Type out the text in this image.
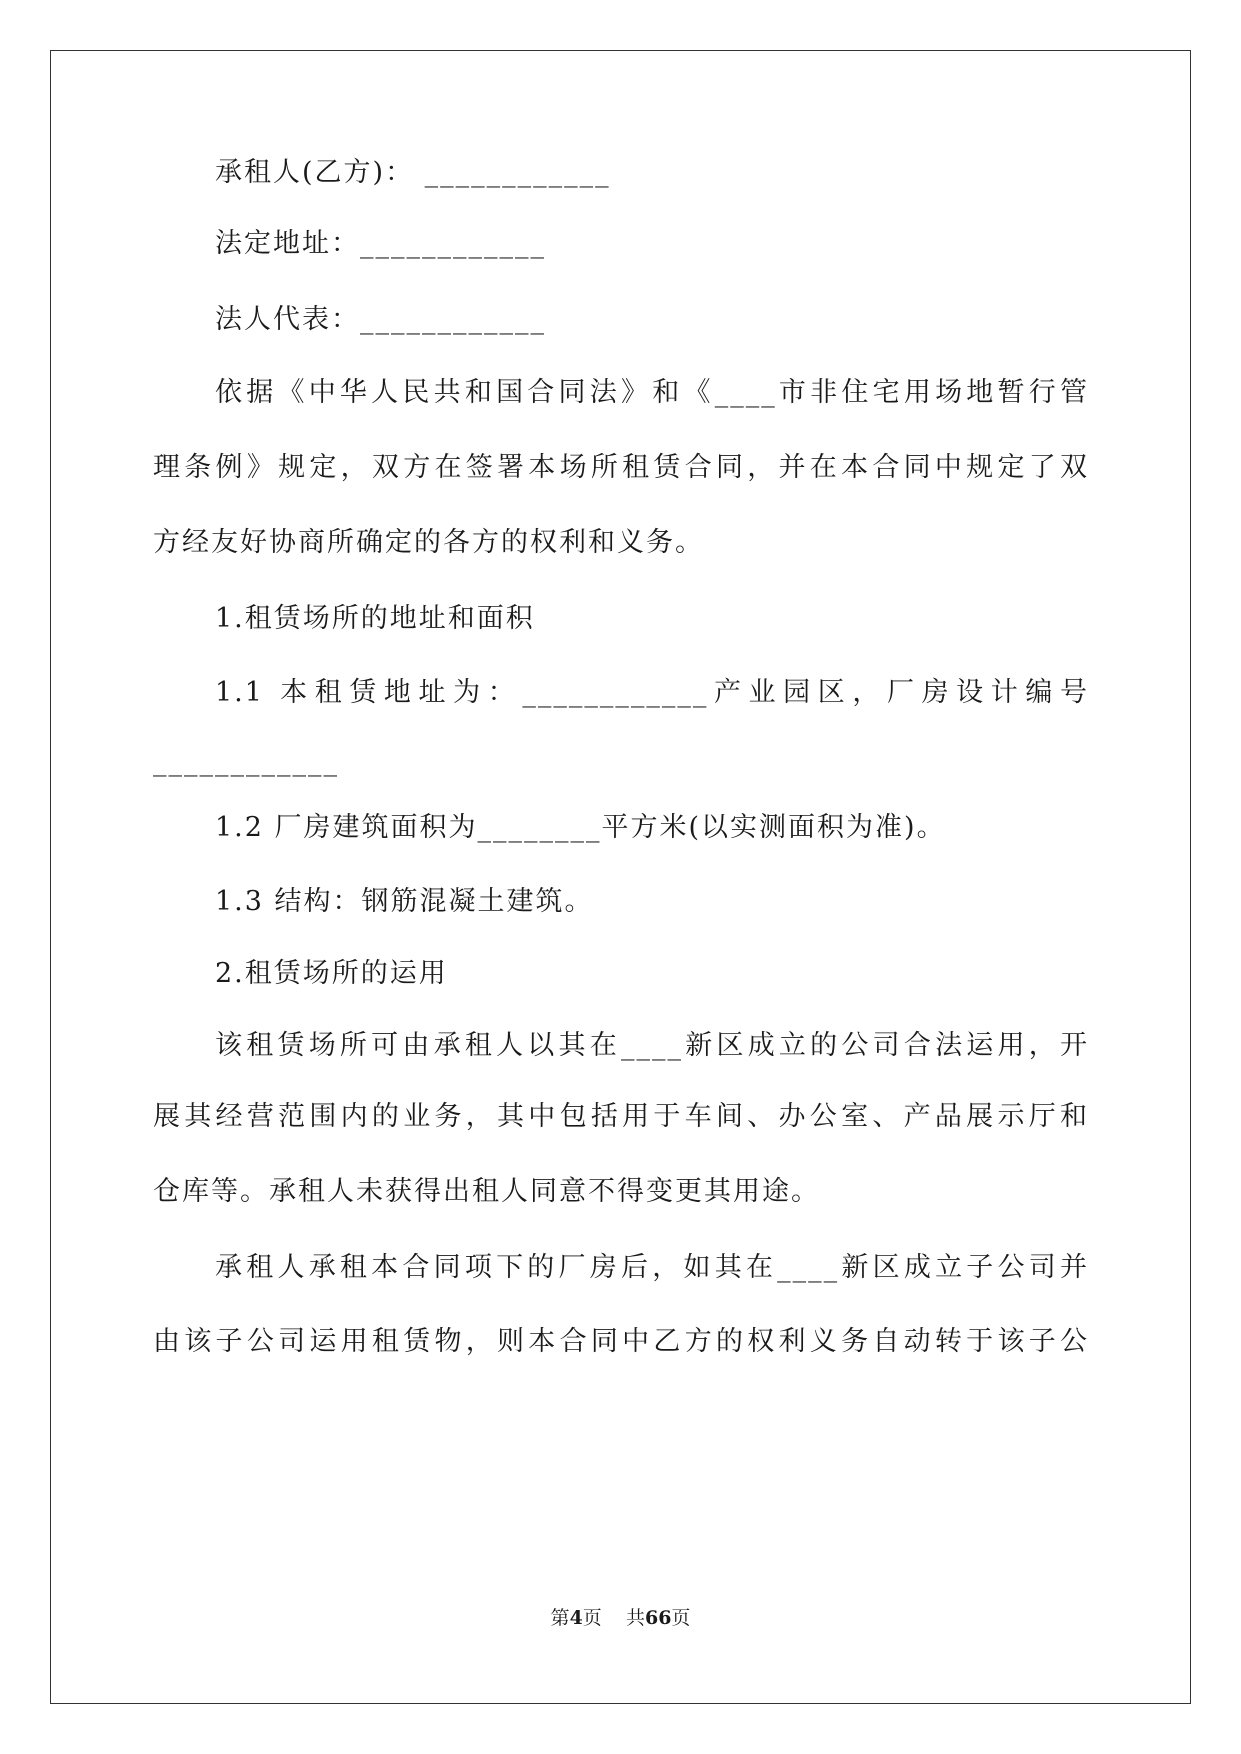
承租人(乙方)： ____________
法定地址：____________
法人代表：____________
依据《中华人民共和国合同法》和《____市非住宅用场地暂行管
理条例》规定，双方在签署本场所租赁合同，并在本合同中规定了双
方经友好协商所确定的各方的权利和义务。
1.租赁场所的地址和面积
1.1 本租赁地址为：____________产业园区，厂房设计编号
____________
1.2 厂房建筑面积为________平方米(以实测面积为准)。
1.3 结构：钢筋混凝土建筑。
2.租赁场所的运用
该租赁场所可由承租人以其在____新区成立的公司合法运用，开
展其经营范围内的业务，其中包括用于车间、办公室、产品展示厅和
仓库等。承租人未获得出租人同意不得变更其用途。
承租人承租本合同项下的厂房后，如其在____新区成立子公司并
由该子公司运用租赁物，则本合同中乙方的权利义务自动转于该子公
第4页    共66页
